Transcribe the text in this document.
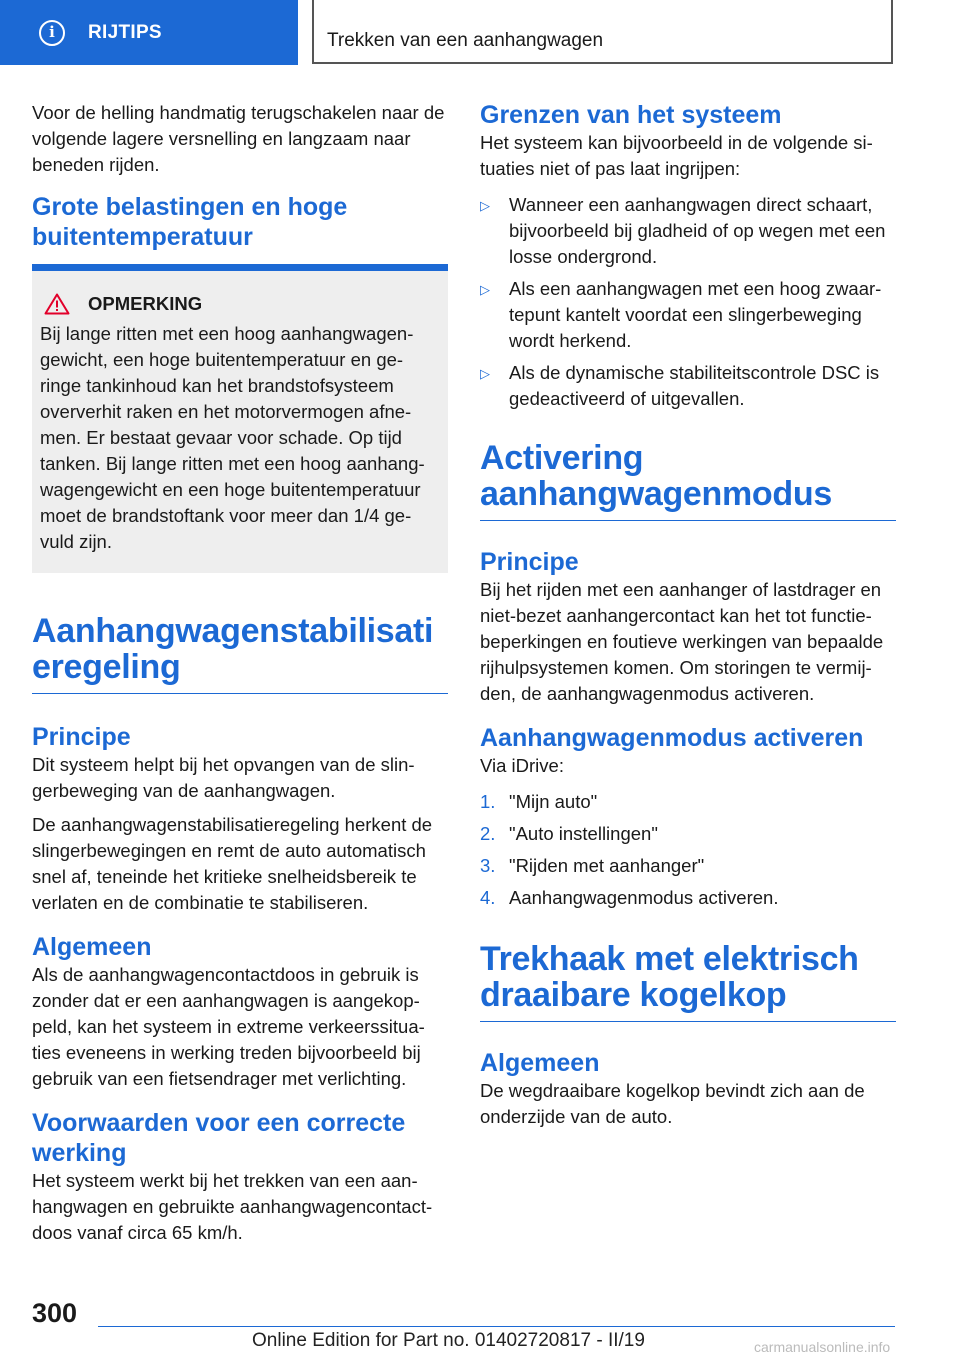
i	RIJTIPS	Trekken van een aanhangwagen

Voor de helling handmatig terugschakelen naar de volgende lagere versnelling en langzaam naar beneden rijden.

Grote belastingen en hoge buitentemperatuur
OPMERKING

Bij lange ritten met een hoog aanhangwagen-gewicht, een hoge buitentemperatuur en ge-ringe tankinhoud kan het brandstofsysteem oververhit raken en het motorvermogen afne-men. Er bestaat gevaar voor schade. Op tijd tanken. Bij lange ritten met een hoog aanhang-wagengewicht en een hoge buitentemperatuur moet de brandstoftank voor meer dan 1/4 ge-vuld zijn.

Aanhangwagenstabilisatieregeling
Principe

Dit systeem helpt bij het opvangen van de slin-gerbeweging van de aanhangwagen.

De aanhangwagenstabilisatieregeling herkent de slingerbewegingen en remt de auto automatisch snel af, teneinde het kritieke snelheidsbereik te verlaten en de combinatie te stabiliseren.

Algemeen

Als de aanhangwagencontactdoos in gebruik is zonder dat er een aanhangwagen is aangekop-peld, kan het systeem in extreme verkeerssitua-ties eveneens in werking treden bijvoorbeeld bij gebruik van een fietsendrager met verlichting.

Voorwaarden voor een correcte werking

Het systeem werkt bij het trekken van een aan-hangwagen en gebruikte aanhangwagencontact-doos vanaf circa 65 km/h.

Grenzen van het systeem

Het systeem kan bijvoorbeeld in de volgende si-tuaties niet of pas laat ingrijpen:

▷ Wanneer een aanhangwagen direct schaart, bijvoorbeeld bij gladheid of op wegen met een losse ondergrond.
▷ Als een aanhangwagen met een hoog zwaar-tepunt kantelt voordat een slingerbeweging wordt herkend.
▷ Als de dynamische stabiliteitscontrole DSC is gedeactiveerd of uitgevallen.
Activering aanhangwagenmodus
Principe

Bij het rijden met een aanhanger of lastdrager en niet-bezet aanhangercontact kan het tot functie-beperkingen en foutieve werkingen van bepaalde rijhulpsystemen komen. Om storingen te vermij-den, de aanhangwagenmodus activeren.

Aanhangwagenmodus activeren

Via iDrive:

1. "Mijn auto"
2. "Auto instellingen"
3. "Rijden met aanhanger"
4. Aanhangwagenmodus activeren.
Trekhaak met elektrisch draaibare kogelkop
Algemeen

De wegdraaibare kogelkop bevindt zich aan de onderzijde van de auto.

300
Online Edition for Part no. 01402720817 - II/19	carmanualsonline.info
